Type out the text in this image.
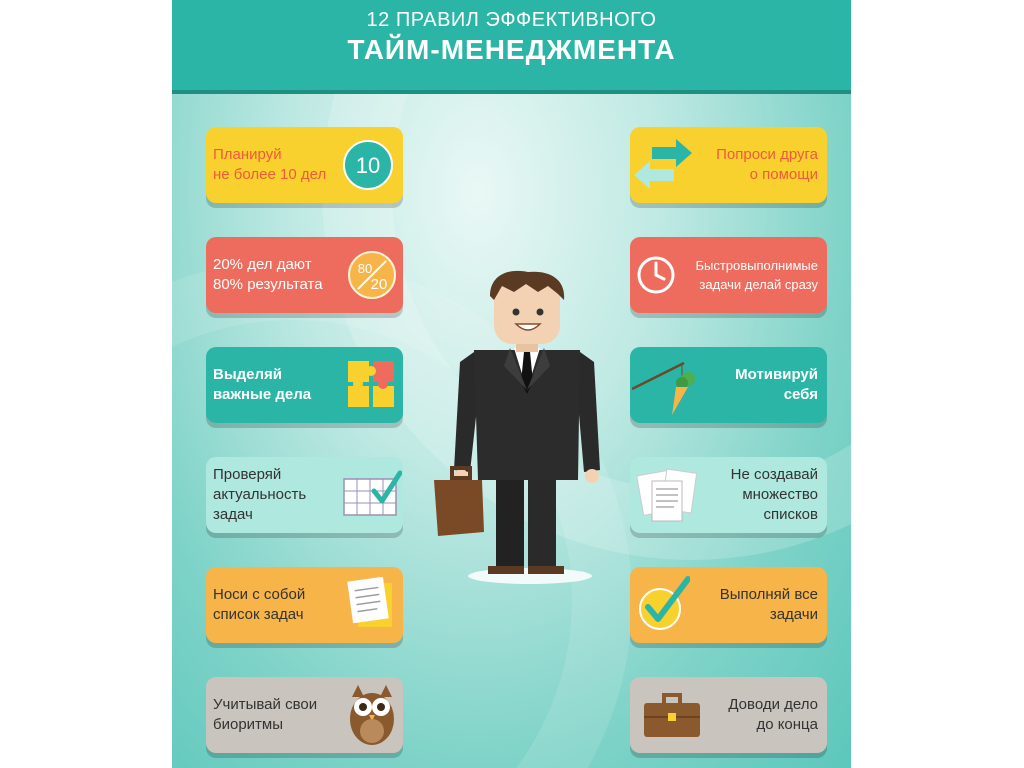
12 ПРАВИЛ ЭФФЕКТИВНОГО
ТАЙМ-МЕНЕДЖМЕНТА
Планируй
не более 10 дел 10
20% дел дают
80% результата
80
20
Выделяй
важные дела
Проверяй
актуальность
задач
Носи с собой
список задач
Учитывай свои
биоритмы
Попроси друга
о помощи
Быстровыполнимые
задачи делай сразу
Мотивируй
себя
Не создавай
множество
списков
Выполняй все
задачи
Доводи дело
до конца
